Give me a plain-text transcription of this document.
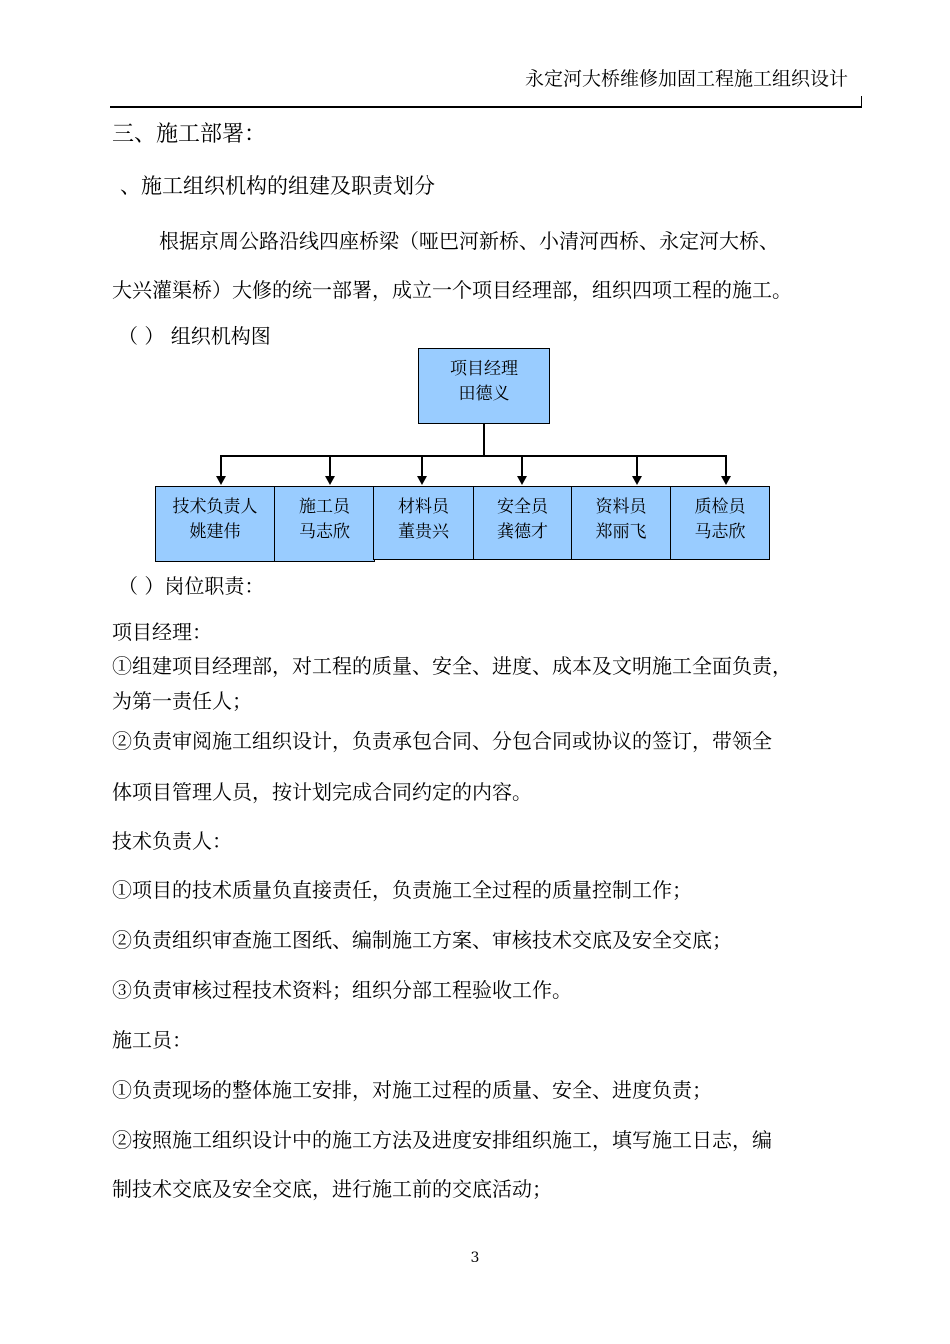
永定河大桥维修加固工程施工组织设计
三、施工部署：
、施工组织机构的组建及职责划分
根据京周公路沿线四座桥梁（哑巴河新桥、小清河西桥、永定河大桥、
大兴灌渠桥）大修的统一部署，成立一个项目经理部，组织四项工程的施工。
（ ） 组织机构图
项目经理
田德义
技术负责人
姚建伟
施工员
马志欣
材料员
董贵兴
安全员
龚德才
资料员
郑丽飞
质检员
马志欣
（ ）岗位职责：
项目经理：
①组建项目经理部，对工程的质量、安全、进度、成本及文明施工全面负责，
为第一责任人；
②负责审阅施工组织设计，负责承包合同、分包合同或协议的签订，带领全
体项目管理人员，按计划完成合同约定的内容。
技术负责人：
①项目的技术质量负直接责任，负责施工全过程的质量控制工作；
②负责组织审查施工图纸、编制施工方案、审核技术交底及安全交底；
③负责审核过程技术资料；组织分部工程验收工作。
施工员：
①负责现场的整体施工安排，对施工过程的质量、安全、进度负责；
②按照施工组织设计中的施工方法及进度安排组织施工，填写施工日志，编
制技术交底及安全交底，进行施工前的交底活动；
3
